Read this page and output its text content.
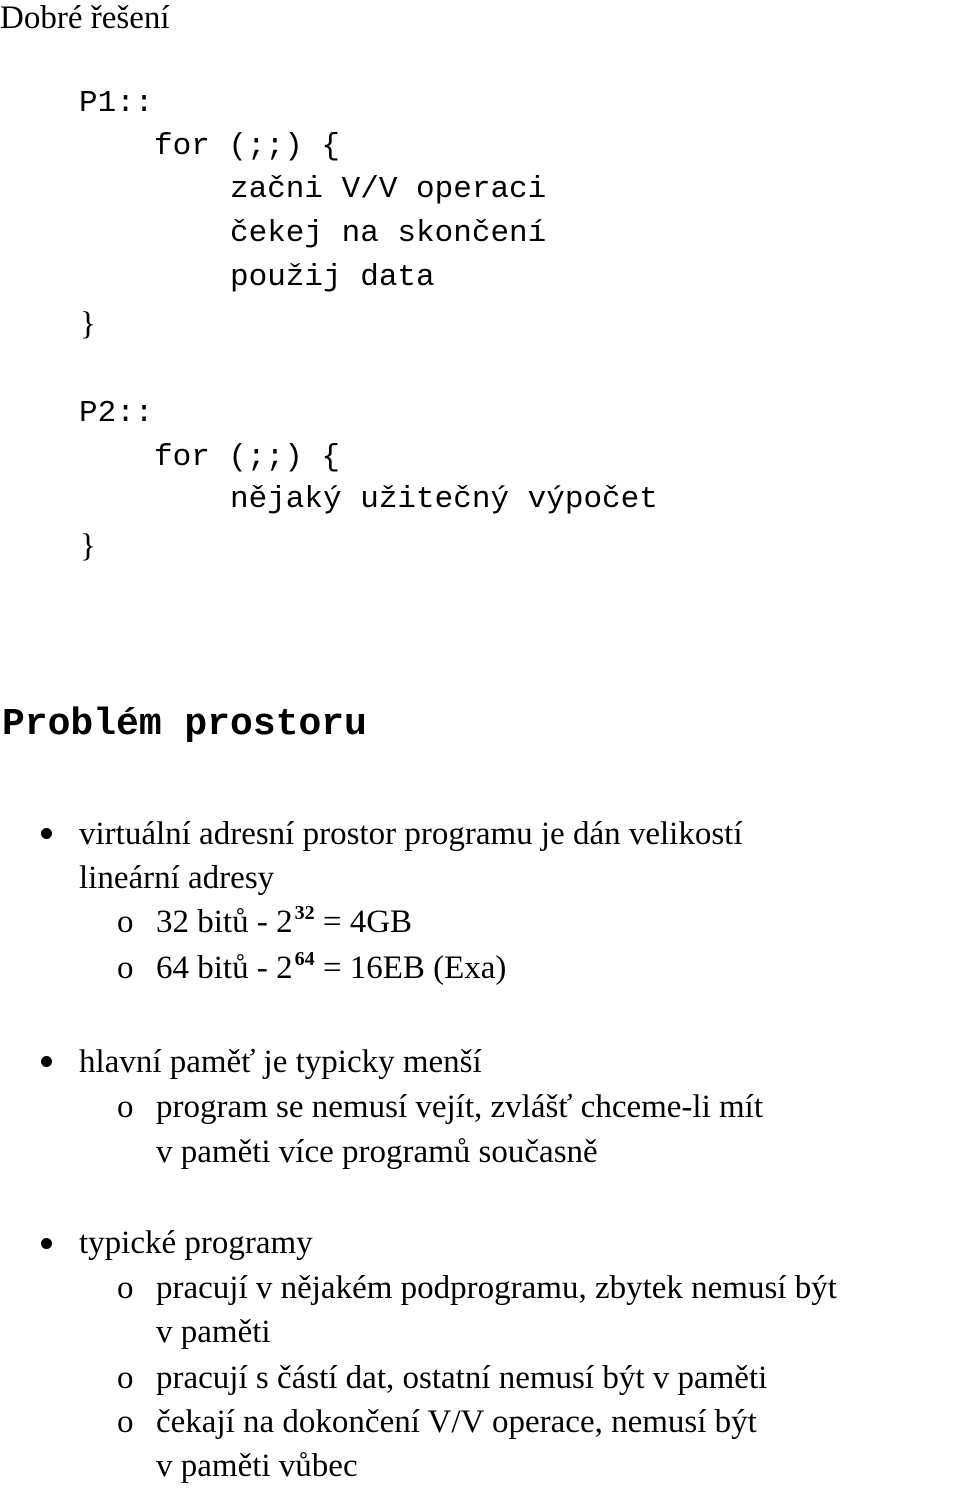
Dobré řešení
P1::
for (;;) {
začni V/V operaci
čekej na skončení
použij data
}
P2::
for (;;) {
nějaký užitečný výpočet
}
Problém prostoru
virtuální adresní prostor programu je dán velikostí
lineární adresy
o 32 bitů - 2 $^{32}$ = 4GB
o 64 bitů - 2 $^{64}$ = 16EB (Exa)
hlavní paměť je typicky menší
o program se nemusí vejít, zvlášť chceme-li mít
v paměti více programů současně
typické programy
o pracují v nějakém podprogramu, zbytek nemusí být
v paměti
o pracují s částí dat, ostatní nemusí být v paměti
o čekají na dokončení V/V operace, nemusí být
v paměti vůbec
